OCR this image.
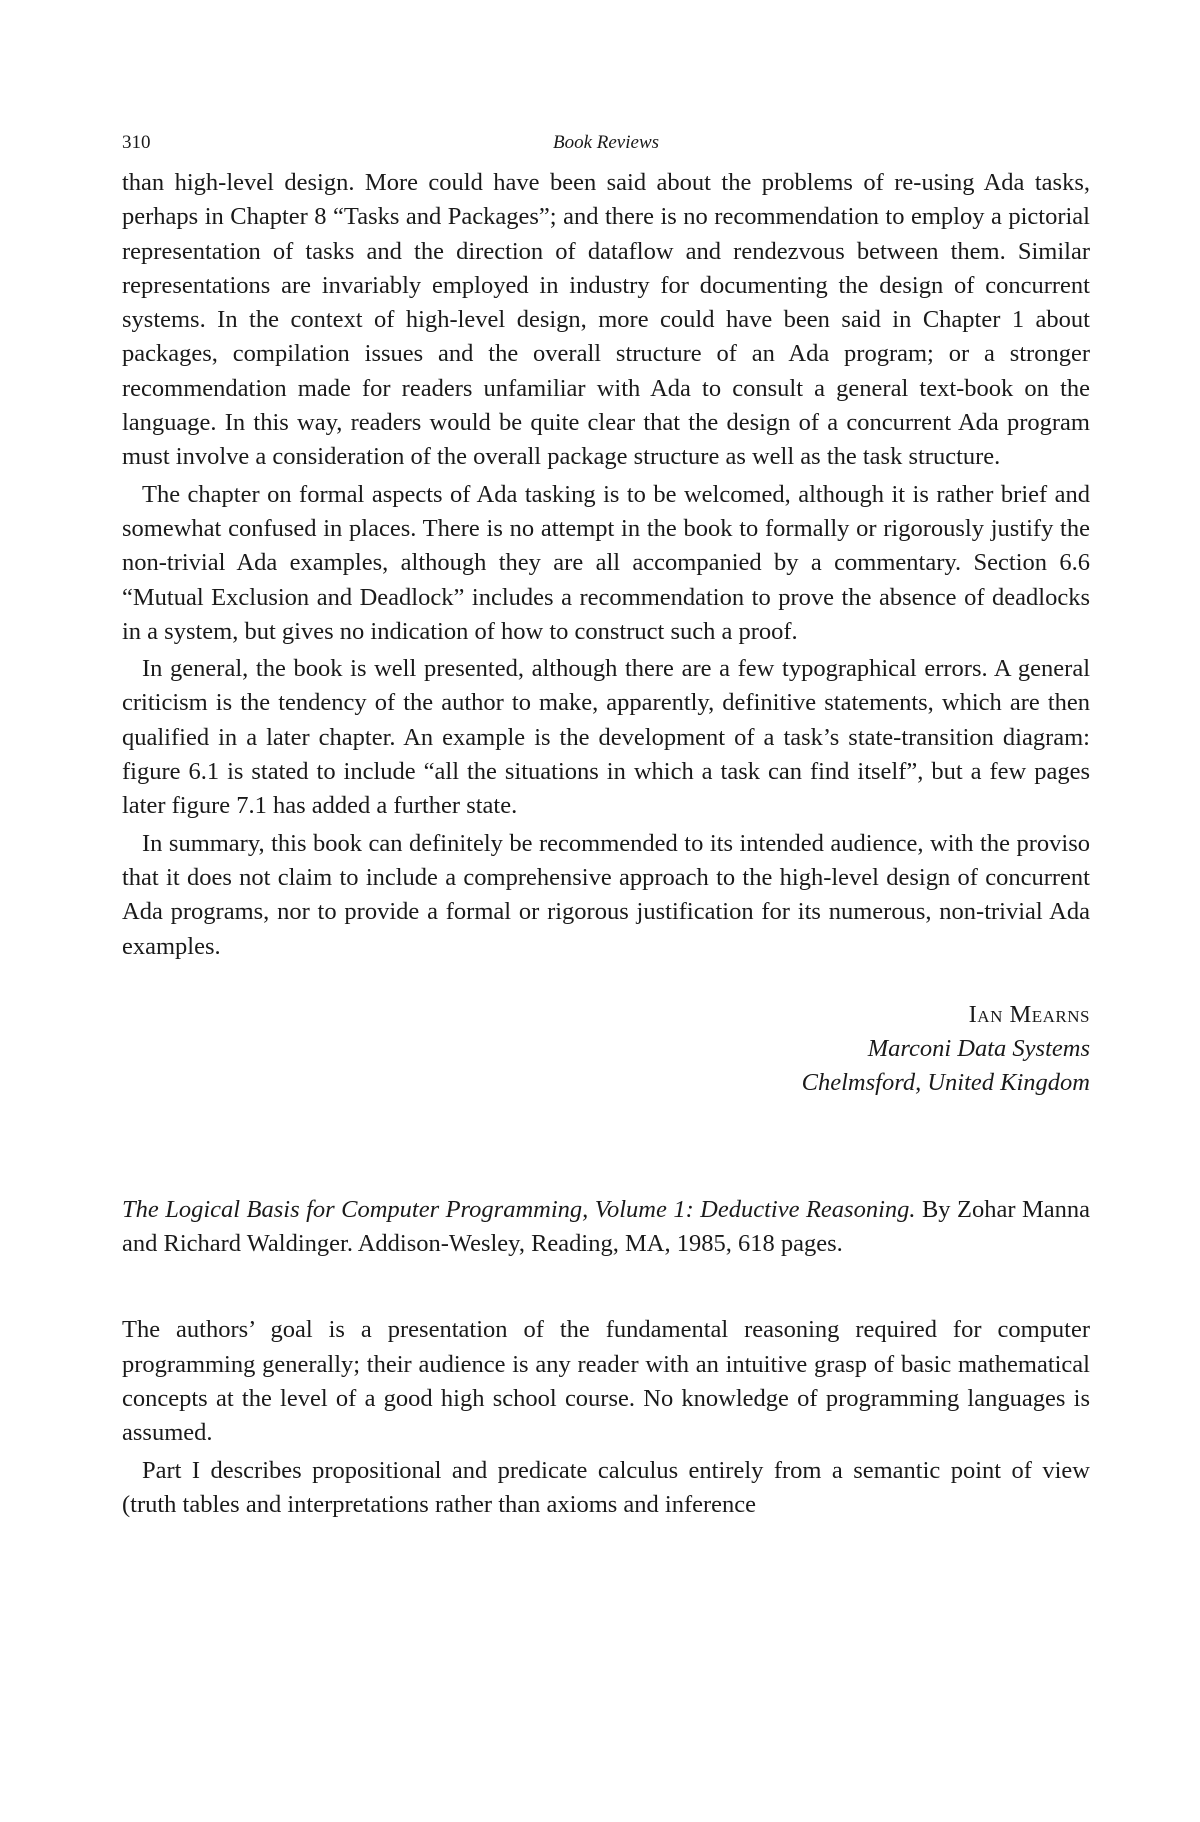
310	Book Reviews

than high-level design. More could have been said about the problems of re-using Ada tasks, perhaps in Chapter 8 “Tasks and Packages”; and there is no recommendation to employ a pictorial representation of tasks and the direction of dataflow and rendezvous between them. Similar representations are invariably employed in industry for documenting the design of concurrent systems. In the context of high-level design, more could have been said in Chapter 1 about packages, compilation issues and the overall structure of an Ada program; or a stronger recommendation made for readers unfamiliar with Ada to consult a general text-book on the language. In this way, readers would be quite clear that the design of a concurrent Ada program must involve a consideration of the overall package structure as well as the task structure.

The chapter on formal aspects of Ada tasking is to be welcomed, although it is rather brief and somewhat confused in places. There is no attempt in the book to formally or rigorously justify the non-trivial Ada examples, although they are all accompanied by a commentary. Section 6.6 “Mutual Exclusion and Deadlock” includes a recommendation to prove the absence of deadlocks in a system, but gives no indication of how to construct such a proof.

In general, the book is well presented, although there are a few typographical errors. A general criticism is the tendency of the author to make, apparently, definitive statements, which are then qualified in a later chapter. An example is the development of a task’s state-transition diagram: figure 6.1 is stated to include “all the situations in which a task can find itself”, but a few pages later figure 7.1 has added a further state.

In summary, this book can definitely be recommended to its intended audience, with the proviso that it does not claim to include a comprehensive approach to the high-level design of concurrent Ada programs, nor to provide a formal or rigorous justification for its numerous, non-trivial Ada examples.

Ian Mearns
Marconi Data Systems
Chelmsford, United Kingdom
The Logical Basis for Computer Programming, Volume 1: Deductive Reasoning. By Zohar Manna and Richard Waldinger. Addison-Wesley, Reading, MA, 1985, 618 pages.

The authors’ goal is a presentation of the fundamental reasoning required for computer programming generally; their audience is any reader with an intuitive grasp of basic mathematical concepts at the level of a good high school course. No knowledge of programming languages is assumed.

Part I describes propositional and predicate calculus entirely from a semantic point of view (truth tables and interpretations rather than axioms and inference
